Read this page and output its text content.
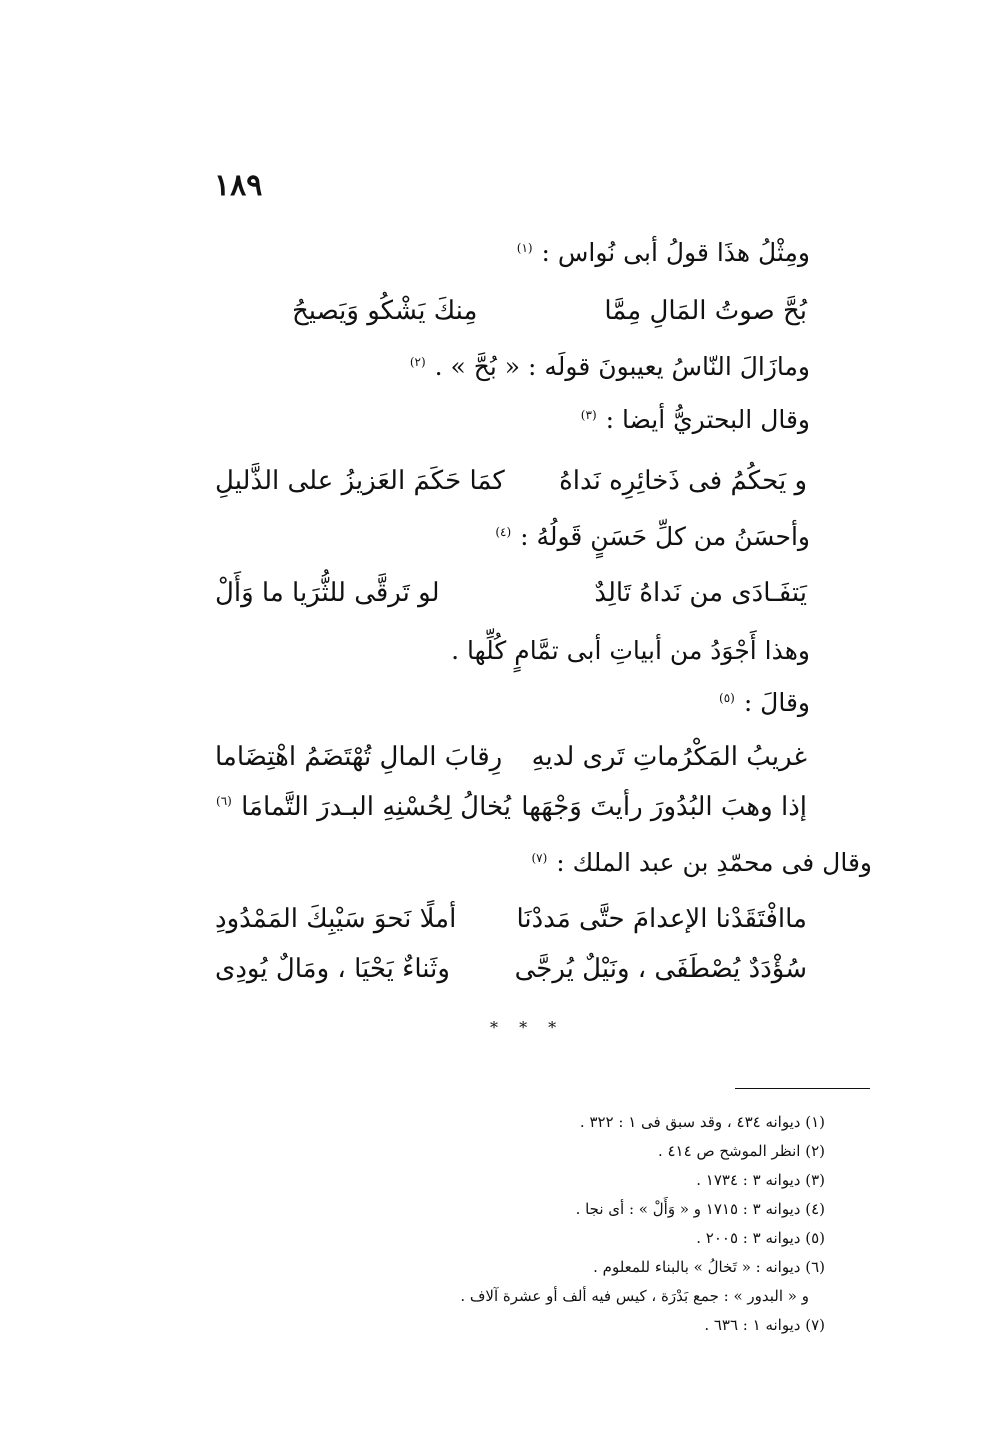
١٨٩
ومِثْلُ هذَا قولُ أبى نُواس : $^{(١)}$
بُحَّ صوتُ المَالِ مِمَّا
مِنكَ يَشْكُو وَيَصيحُ
ومازَالَ النّاسُ يعيبونَ قولَه : « بُحَّ » . $^{(٢)}$
وقال البحتريُّ أيضا : $^{(٣)}$
و يَحكُمُ فى ذَخائِرِه نَداهُ
كمَا حَكَمَ العَزيزُ على الذَّليلِ
وأحسَنُ من كلِّ حَسَنٍ قَولُهُ : $^{(٤)}$
يَتفَـادَى من نَداهُ تَالِدٌ
لو تَرقَّى للثُّرَيا ما وَأَلْ
وهذا أَجْوَدُ من أبياتِ أبى تمَّامٍ كُلِّها .
وقالَ : $^{(٥)}$
غريبُ المَكْرُماتِ تَرى لديهِ
رِقابَ المالِ تُهْتَضَمُ اهْتِضَاما
إذا وهبَ البُدُورَ رأيتَ وَجْهَها
يُخالُ لِحُسْنِهِ البـدرَ التَّمامَا $^{(٦)}$
وقال فى محمّدِ بن عبد الملك : $^{(٧)}$
ماافْتَقَدْنا الإعدامَ حتَّى مَددْنَا
أملًا نَحوَ سَيْبِكَ المَمْدُودِ
سُؤْدَدٌ يُصْطَفَى ، ونَيْلٌ يُرجَّى
وثَناءٌ يَحْيَا ، ومَالٌ يُودِى
* * *
(١) ديوانه ٤٣٤ ، وقد سبق فى ١ : ٣٢٢ .
(٢) انظر الموشح ص ٤١٤ .
(٣) ديوانه ٣ : ١٧٣٤ .
(٤) ديوانه ٣ : ١٧١٥ و « وَأَلْ » : أى نجا .
(٥) ديوانه ٣ : ٢٠٠٥ .
(٦) ديوانه : « تَخالُ » بالبناء للمعلوم .
و « البدور » : جمع بَدْرَة ، كيس فيه ألف أو عشرة آلاف .
(٧) ديوانه ١ : ٦٣٦ .
